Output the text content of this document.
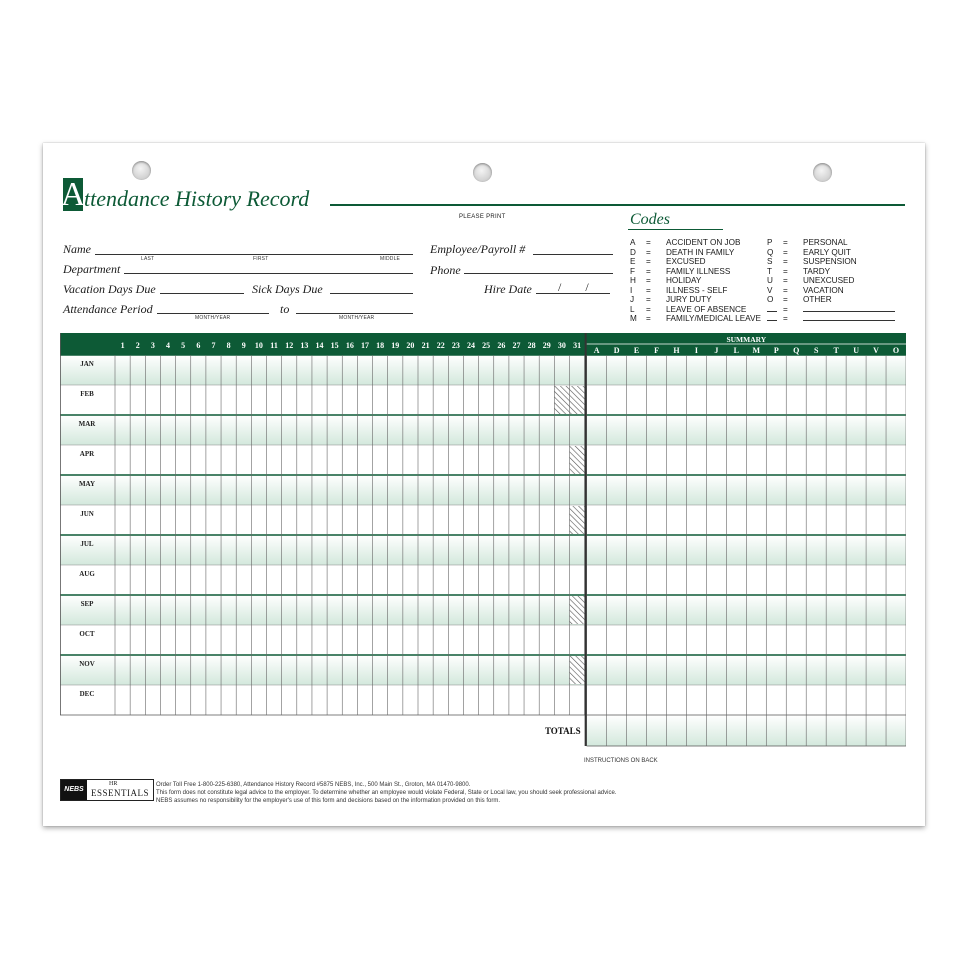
A
ttendance History Record
PLEASE PRINT
Name
LAST	FIRST	MIDDLE
Department
Vacation Days Due	Sick Days Due
Attendance Period
MONTH/YEAR
to
MONTH/YEAR
Employee/Payroll #
Phone
Hire Date /        /
Codes
A = ACCIDENT ON JOB
D = DEATH IN FAMILY
E = EXCUSED
F = FAMILY ILLNESS
H = HOLIDAY
I = ILLNESS - SELF
J = JURY DUTY
L = LEAVE OF ABSENCE
M = FAMILY/MEDICAL LEAVE
P = PERSONAL
Q = EARLY QUIT
S = SUSPENSION
T = TARDY
U = UNEXCUSED
V = VACATION
O = OTHER
=
=
1 2 3 4 5 6 7 8 9 10 11 12 13 14 15 16 17 18 19 20 21 22 23 24 25 26 27 28 29 30 31
SUMMARY
A D E F H I J L M P Q S T U V O
JAN
FEB
MAR
APR
MAY
JUN
JUL
AUG
SEP
OCT
NOV
DEC
TOTALS
INSTRUCTIONS ON BACK
NEBS
HR
ESSENTIALS
Order Toll Free 1-800-225-6380, Attendance History Record #5875 NEBS, Inc., 500 Main St., Groton, MA 01470-9800.
This form does not constitute legal advice to the employer. To determine whether an employee would violate Federal, State or Local law, you should seek professional advice.
NEBS assumes no responsibility for the employer's use of this form and decisions based on the information provided on this form.
